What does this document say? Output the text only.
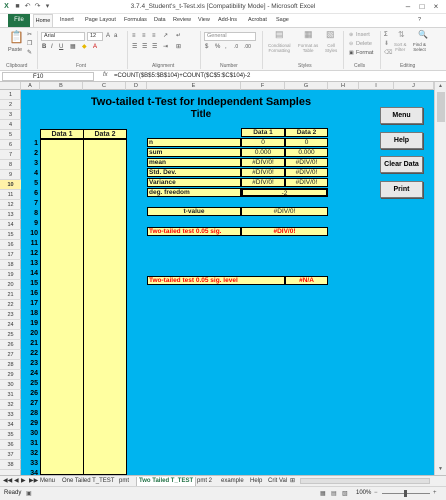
X ■ ↶ ↷ ▾	3.7.4_Student's_t-Test.xls [Compatibility Mode] - Microsoft Excel	–	□	×
File	Home	Insert Page Layout Formulas Data Review View Add-Ins Acrobat Sage	?
📋
Paste
✂
❐
✎
Arial	12	A a
B I U ▦ ◆ A
≡ ≡ ≡ ↗ ↵
☰ ☰ ☰ ⇥ ⊞
General
$ % , .0 .00
▤
Conditional
Formatting
▦
Format as
Table
▧
Cell
Styles
⊕ Insert
⊖ Delete
▣ Format
Σ
⬇
⌫
⇅
Sort &
Filter
🔍
Find &
Select
Clipboard	Font	Alignment	Number	Styles	Cells	Editing
F10	fx =COUNT($B$5:$B$104)+COUNT($C$5:$C$104)-2
A	B	C	D	E	F	G	H	I	J
1
2
3
4
5
6
7
8
9
10
11
12
13
14
15
16
17
18
19
20
21
22
23
24
25
26
27
28
29
30
31
32
33
34
35
36
37
38
▲
▼
Two-tailed t-Test for Independent Samples
Title
Data 1	Data 2
1
2
3
4
5
6
7
8
9
10
11
12
13
14
15
16
17
18
19
20
21
22
23
24
25
26
27
28
29
30
31
32
33
34
Data 1	Data 2
n	0	0
sum	0.000	0.000
mean	#DIV/0!	#DIV/0!
Std. Dev.	#DIV/0!	#DIV/0!
Variance	#DIV/0!	#DIV/0!
deg. freedom	-2
t-value	#DIV/0!
Two-tailed test 0.05 sig.	#DIV/0!
Two-tailed test 0.05 sig. level	#N/A
Menu
Help
Clear Data
Print
◀◀ ◀ ▶ ▶▶ Menu One Tailed T_TEST pmt	Two Tailed T_TEST pmt 2 example Help Crit Val ⊞
Ready ▣	▦ ▤ ▧ 100% −	+
